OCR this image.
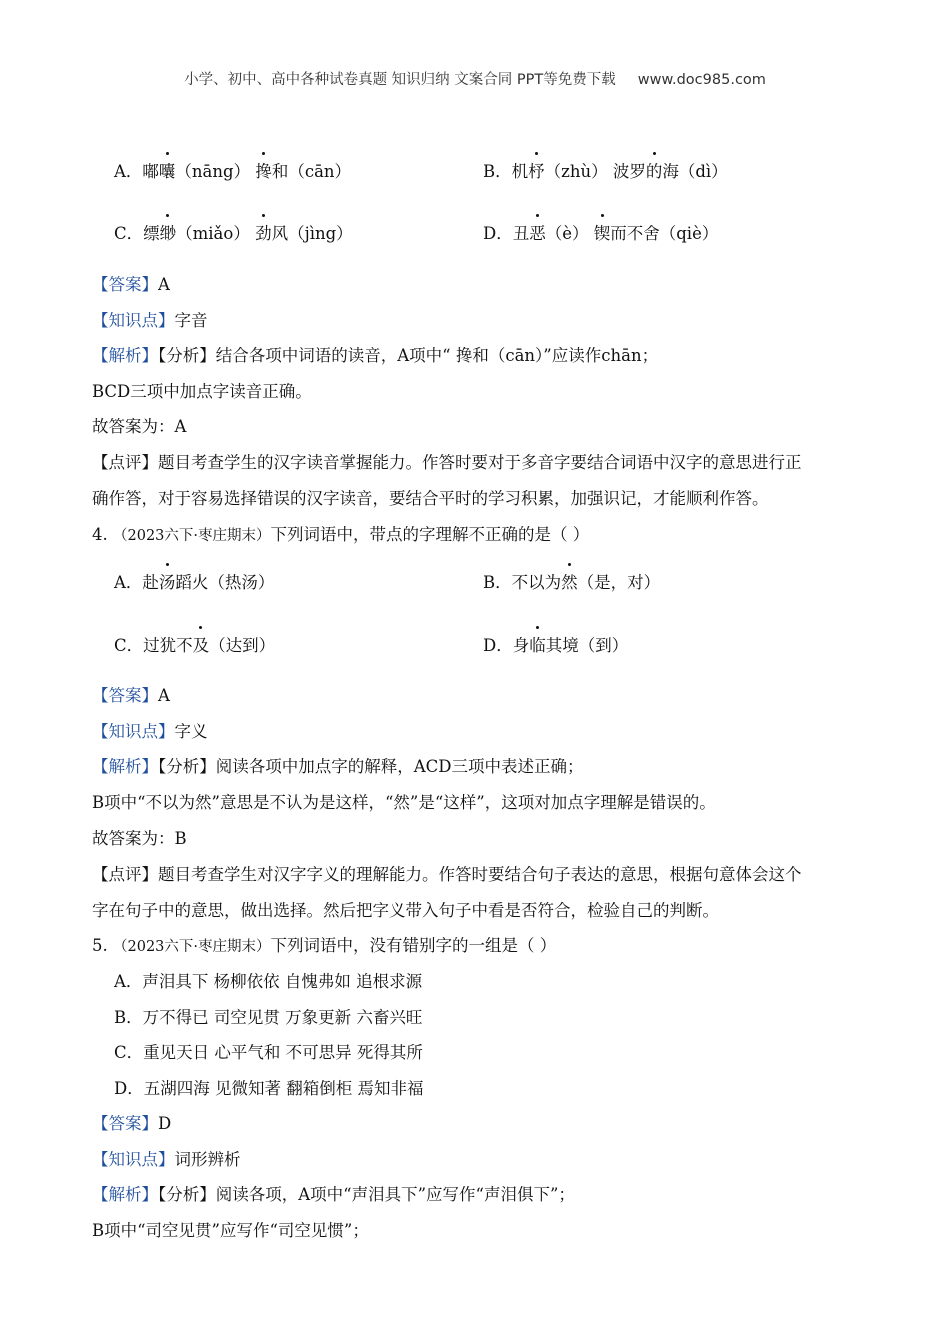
小学、初中、高中各种试卷真题 知识归纳 文案合同 PPT等免费下载 www.doc985.com
A．嘟囔（nāng） 搀和（cān）	B．机杼（zhù） 波罗的海（dì）
C．缥缈（miǎo） 劲风（jìng）	D．丑恶（è） 锲而不舍（qiè）
【答案】A
【知识点】字音
【解析】【分析】结合各项中词语的读音，A项中“ 搀和（cān）”应读作chān；
BCD三项中加点字读音正确。
故答案为：A
【点评】题目考查学生的汉字读音掌握能力。作答时要对于多音字要结合词语中汉字的意思进行正
确作答，对于容易选择错误的汉字读音，要结合平时的学习积累，加强识记，才能顺利作答。
4. （2023六下·枣庄期末）下列词语中，带点的字理解不正确的是（ ）
A．赴汤蹈火（热汤）	B．不以为然（是，对）
C．过犹不及（达到）	D．身临其境（到）
【答案】A
【知识点】字义
【解析】【分析】阅读各项中加点字的解释，ACD三项中表述正确；
B项中“不以为然”意思是不认为是这样，“然”是“这样”，这项对加点字理解是错误的。
故答案为：B
【点评】题目考查学生对汉字字义的理解能力。作答时要结合句子表达的意思，根据句意体会这个
字在句子中的意思，做出选择。然后把字义带入句子中看是否符合，检验自己的判断。
5. （2023六下·枣庄期末）下列词语中，没有错别字的一组是（ ）
A．声泪具下 杨柳依依 自愧弗如 追根求源
B．万不得已 司空见贯 万象更新 六畜兴旺
C．重见天日 心平气和 不可思异 死得其所
D．五湖四海 见微知著 翻箱倒柜 焉知非福
【答案】D
【知识点】词形辨析
【解析】【分析】阅读各项，A项中“声泪具下”应写作“声泪俱下”；
B项中“司空见贯”应写作“司空见惯”；
